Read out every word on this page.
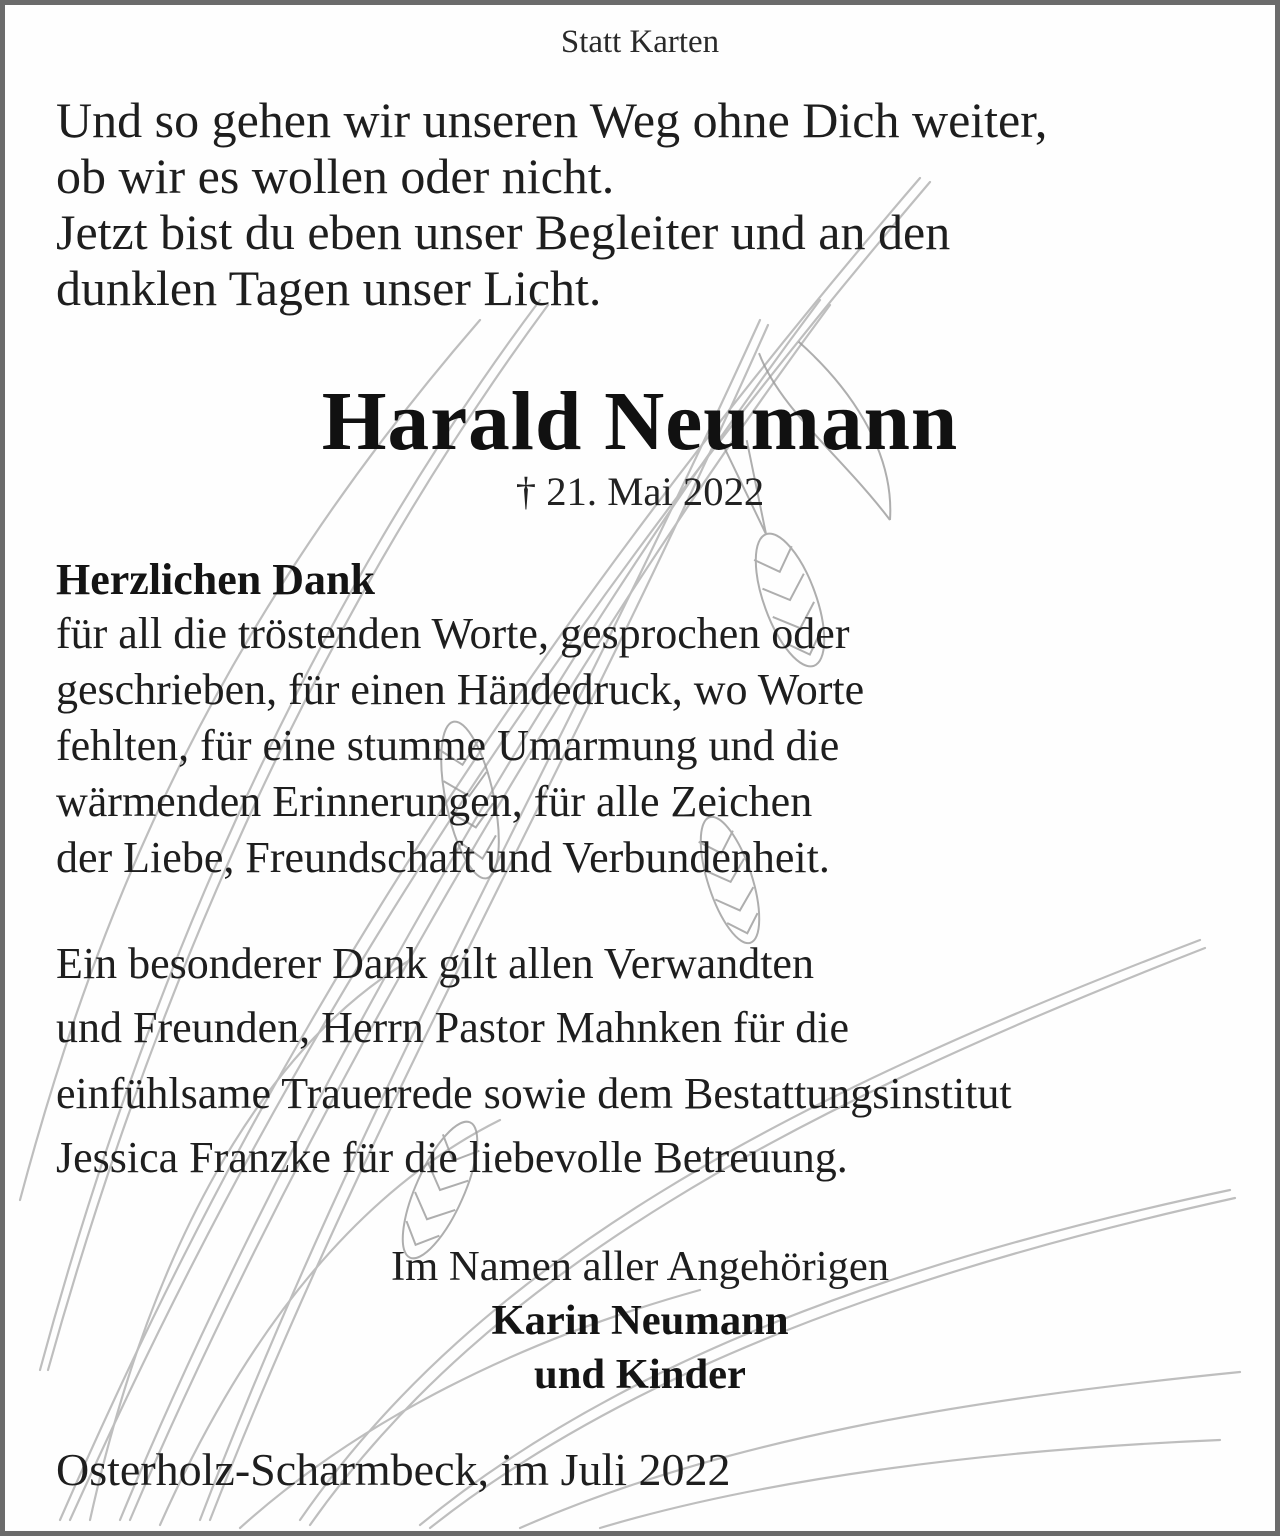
Statt Karten

Und so gehen wir unseren Weg ohne Dich weiter,

ob wir es wollen oder nicht.

Jetzt bist du eben unser Begleiter und an den

dunklen Tagen unser Licht.

Harald Neumann

† 21. Mai 2022

Herzlichen Dank

für all die tröstenden Worte, gesprochen oder

geschrieben, für einen Händedruck, wo Worte

fehlten, für eine stumme Umarmung und die

wärmenden Erinnerungen, für alle Zeichen

der Liebe, Freundschaft und Verbundenheit.

Ein besonderer Dank gilt allen Verwandten

und Freunden, Herrn Pastor Mahnken für die

einfühlsame Trauerrede sowie dem Bestattungsinstitut

Jessica Franzke für die liebevolle Betreuung.

Im Namen aller Angehörigen

Karin Neumann

und Kinder

Osterholz-Scharmbeck, im Juli 2022
